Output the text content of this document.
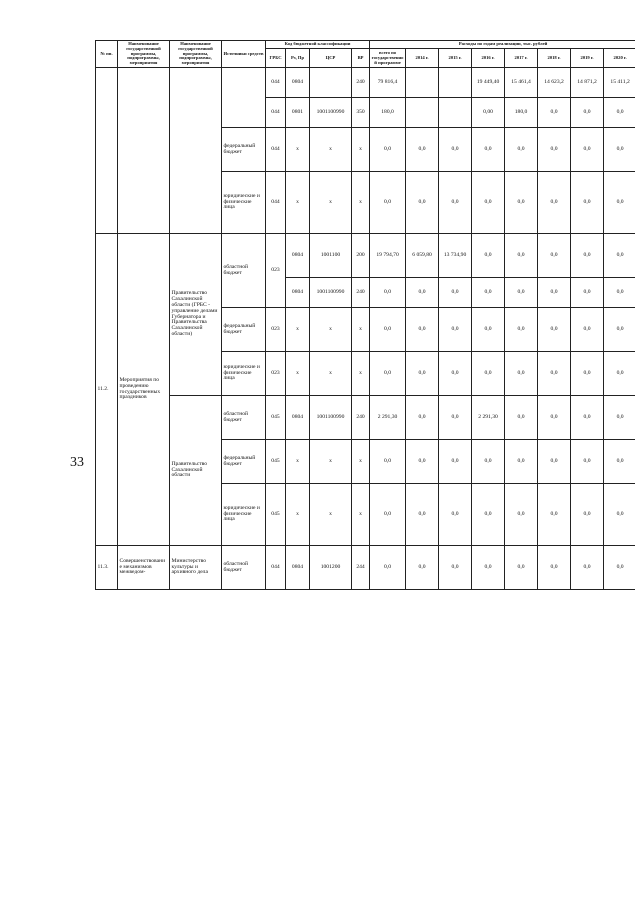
33
№ пп.	Наименование государственной программы, подпрограммы, мероприятия	Наименование государственной программы, подпрограммы, мероприятия	Источники средств	Код бюджетной классификации				Расходы по годам реализации, тыс. рублей							
				ГРБС	Рз, Пр	ЦСР	ВР	всего по государственной программе	2014 г.	2015 г.	2016 г.	2017 г.	2018 г.	2019 г.	2020 г.
				044	0804		240	79 816,4			19 449,40	15 461,4	14 623,2	14 871,2	15 411,2
				044	0801	1001100990	350	180,0			0,00	180,0	0,0	0,0	0,0
			федеральный бюджет	044	x	x	x	0,0	0,0	0,0	0,0	0,0	0,0	0,0	0,0
			юридические и физические лица	044	x	x	x	0,0	0,0	0,0	0,0	0,0	0,0	0,0	0,0
11.2.	Мероприятия по проведению государственных праздников	Правительство Сахалинской области (ГРБС - управление делами Губернатора и Правительства Сахалинской области)	областной бюджет	023	0804	1001100	200	19 794,70	6 059,80	13 734,90	0,0	0,0	0,0	0,0	0,0
					0804	1001100990	240	0,0	0,0	0,0	0,0	0,0	0,0	0,0	0,0
			федеральный бюджет	023	x	x	x	0,0	0,0	0,0	0,0	0,0	0,0	0,0	0,0
			юридические и физические лица	023	x	x	x	0,0	0,0	0,0	0,0	0,0	0,0	0,0	0,0
		Правительство Сахалинской области	областной бюджет	045	0804	1001100990	240	2 291,30	0,0	0,0	2 291,30	0,0	0,0	0,0	0,0
			федеральный бюджет	045	x	x	x	0,0	0,0	0,0	0,0	0,0	0,0	0,0	0,0
			юридические и физические лица	045	x	x	x	0,0	0,0	0,0	0,0	0,0	0,0	0,0	0,0
11.3.	Совершенствование механизмов межведом-	Министерство культуры и архивного дела	областной бюджет	044	0804	1001200	244	0,0	0,0	0,0	0,0	0,0	0,0	0,0	0,0
